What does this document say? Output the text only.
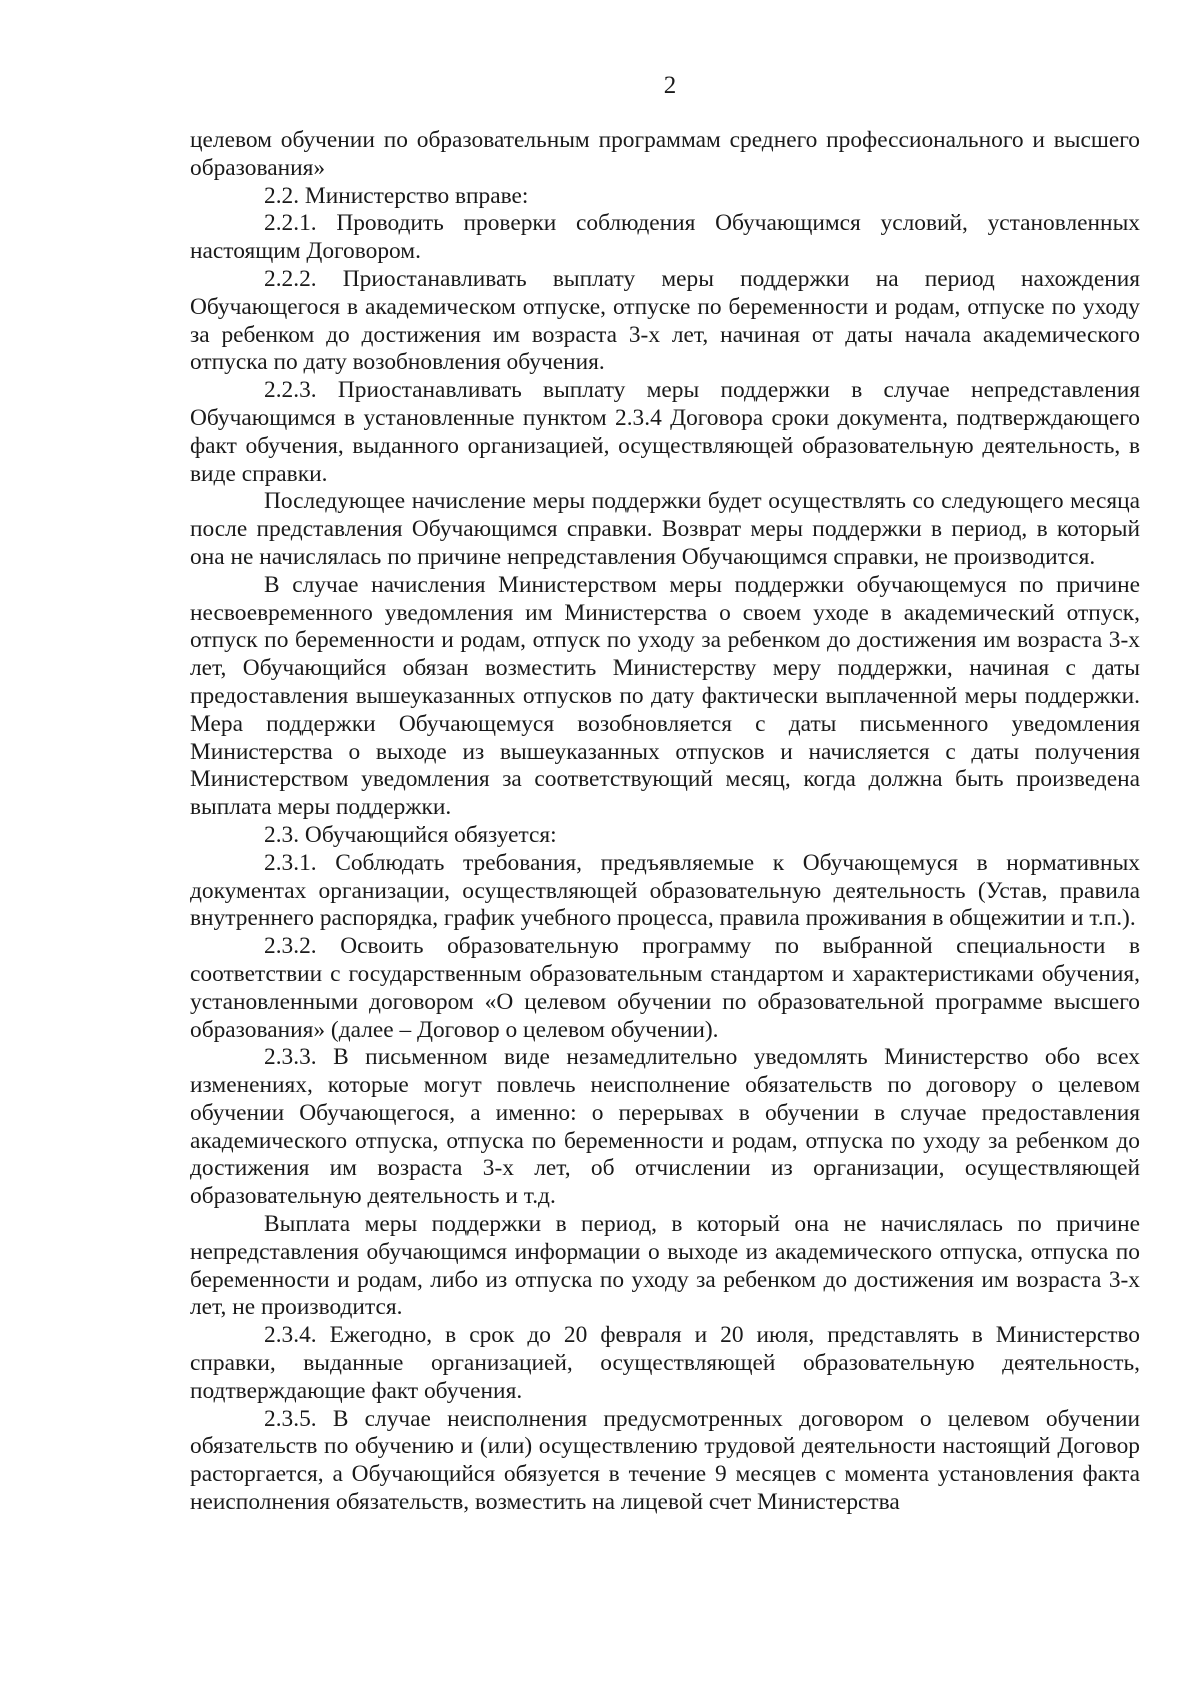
2

целевом обучении по образовательным программам среднего профессионального и высшего образования»

2.2. Министерство вправе:

2.2.1. Проводить проверки соблюдения Обучающимся условий, установленных настоящим Договором.

2.2.2. Приостанавливать выплату меры поддержки на период нахождения Обучающегося в академическом отпуске, отпуске по беременности и родам, отпуске по уходу за ребенком до достижения им возраста 3-х лет, начиная от даты начала академического отпуска по дату возобновления обучения.

2.2.3. Приостанавливать выплату меры поддержки в случае непредставления Обучающимся в установленные пунктом 2.3.4 Договора сроки документа, подтверждающего факт обучения, выданного организацией, осуществляющей образовательную деятельность, в виде справки.

Последующее начисление меры поддержки будет осуществлять со следующего месяца после представления Обучающимся справки. Возврат меры поддержки в период, в который она не начислялась по причине непредставления Обучающимся справки, не производится.

В случае начисления Министерством меры поддержки обучающемуся по причине несвоевременного уведомления им Министерства о своем уходе в академический отпуск, отпуск по беременности и родам, отпуск по уходу за ребенком до достижения им возраста 3-х лет, Обучающийся обязан возместить Министерству меру поддержки, начиная с даты предоставления вышеуказанных отпусков по дату фактически выплаченной меры поддержки. Мера поддержки Обучающемуся возобновляется с даты письменного уведомления Министерства о выходе из вышеуказанных отпусков и начисляется с даты получения Министерством уведомления за соответствующий месяц, когда должна быть произведена выплата меры поддержки.

2.3. Обучающийся обязуется:

2.3.1. Соблюдать требования, предъявляемые к Обучающемуся в нормативных документах организации, осуществляющей образовательную деятельность (Устав, правила внутреннего распорядка, график учебного процесса, правила проживания в общежитии и т.п.).

2.3.2. Освоить образовательную программу по выбранной специальности в соответствии с государственным образовательным стандартом и характеристиками обучения, установленными договором «О целевом обучении по образовательной программе высшего образования» (далее – Договор о целевом обучении).

2.3.3. В письменном виде незамедлительно уведомлять Министерство обо всех изменениях, которые могут повлечь неисполнение обязательств по договору о целевом обучении Обучающегося, а именно: о перерывах в обучении в случае предоставления академического отпуска, отпуска по беременности и родам, отпуска по уходу за ребенком до достижения им возраста 3-х лет, об отчислении из организации, осуществляющей образовательную деятельность и т.д.

Выплата меры поддержки в период, в который она не начислялась по причине непредставления обучающимся информации о выходе из академического отпуска, отпуска по беременности и родам, либо из отпуска по уходу за ребенком до достижения им возраста 3-х лет, не производится.

2.3.4. Ежегодно, в срок до 20 февраля и 20 июля, представлять в Министерство справки, выданные организацией, осуществляющей образовательную деятельность, подтверждающие факт обучения.

2.3.5. В случае неисполнения предусмотренных договором о целевом обучении обязательств по обучению и (или) осуществлению трудовой деятельности настоящий Договор расторгается, а Обучающийся обязуется в течение 9 месяцев с момента установления факта неисполнения обязательств, возместить на лицевой счет Министерства
